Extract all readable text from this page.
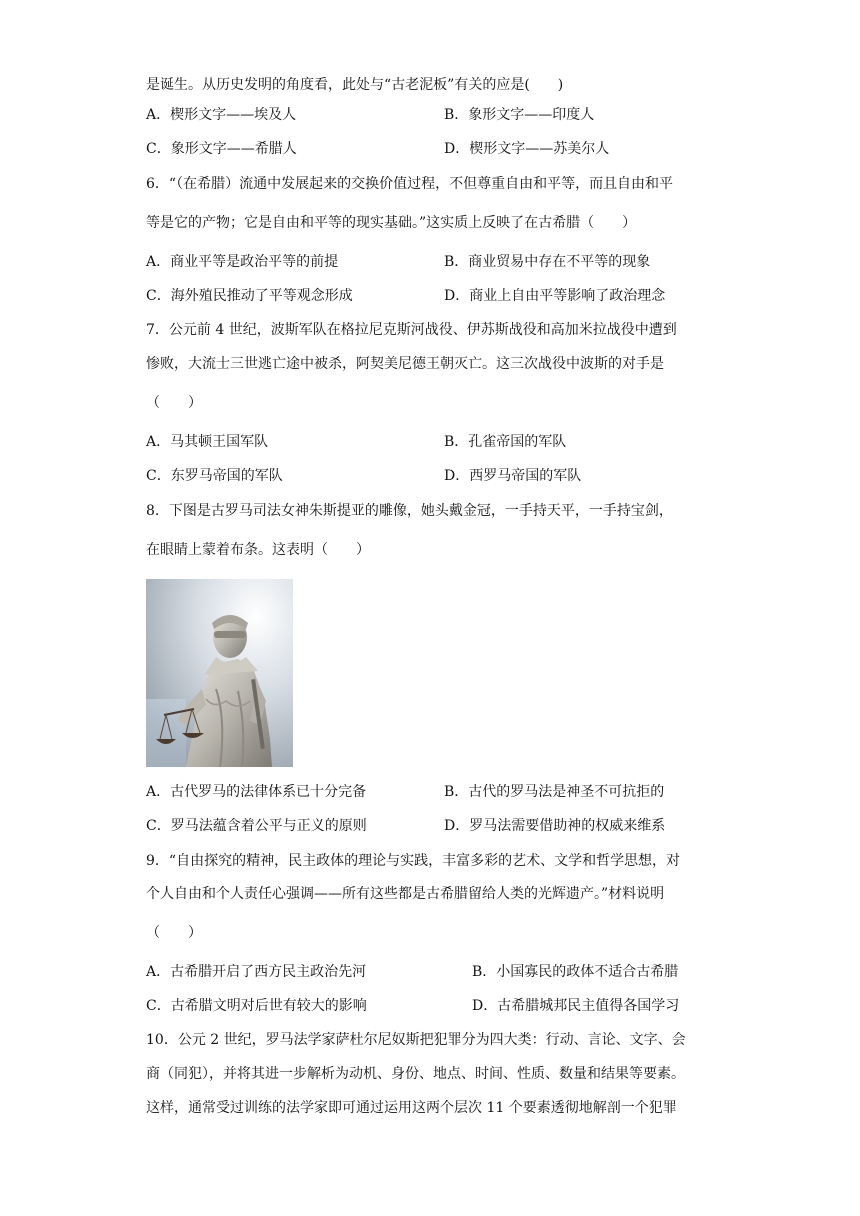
是诞生。从历史发明的角度看，此处与“古老泥板”有关的应是(　　)
A．楔形文字——埃及人	B．象形文字——印度人
C．象形文字——希腊人	D．楔形文字——苏美尔人
6．“（在希腊）流通中发展起来的交换价值过程，不但尊重自由和平等，而且自由和平
等是它的产物；它是自由和平等的现实基础。”这实质上反映了在古希腊（　　）
A．商业平等是政治平等的前提	B．商业贸易中存在不平等的现象
C．海外殖民推动了平等观念形成	D．商业上自由平等影响了政治理念
7．公元前 4 世纪，波斯军队在格拉尼克斯河战役、伊苏斯战役和高加米拉战役中遭到
惨败，大流士三世逃亡途中被杀，阿契美尼德王朝灭亡。这三次战役中波斯的对手是
（　　）
A．马其顿王国军队	B．孔雀帝国的军队
C．东罗马帝国的军队	D．西罗马帝国的军队
8．下图是古罗马司法女神朱斯提亚的雕像，她头戴金冠，一手持天平，一手持宝剑，
在眼睛上蒙着布条。这表明（　　）
A．古代罗马的法律体系已十分完备	B．古代的罗马法是神圣不可抗拒的
C．罗马法蕴含着公平与正义的原则	D．罗马法需要借助神的权威来维系
9．“自由探究的精神，民主政体的理论与实践，丰富多彩的艺术、文学和哲学思想，对
个人自由和个人责任心强调——所有这些都是古希腊留给人类的光辉遗产。”材料说明
（　　）
A．古希腊开启了西方民主政治先河	B．小国寡民的政体不适合古希腊
C．古希腊文明对后世有较大的影响	D．古希腊城邦民主值得各国学习
10．公元 2 世纪，罗马法学家萨杜尔尼奴斯把犯罪分为四大类：行动、言论、文字、会
商（同犯），并将其进一步解析为动机、身份、地点、时间、性质、数量和结果等要素。
这样，通常受过训练的法学家即可通过运用这两个层次 11 个要素透彻地解剖一个犯罪
